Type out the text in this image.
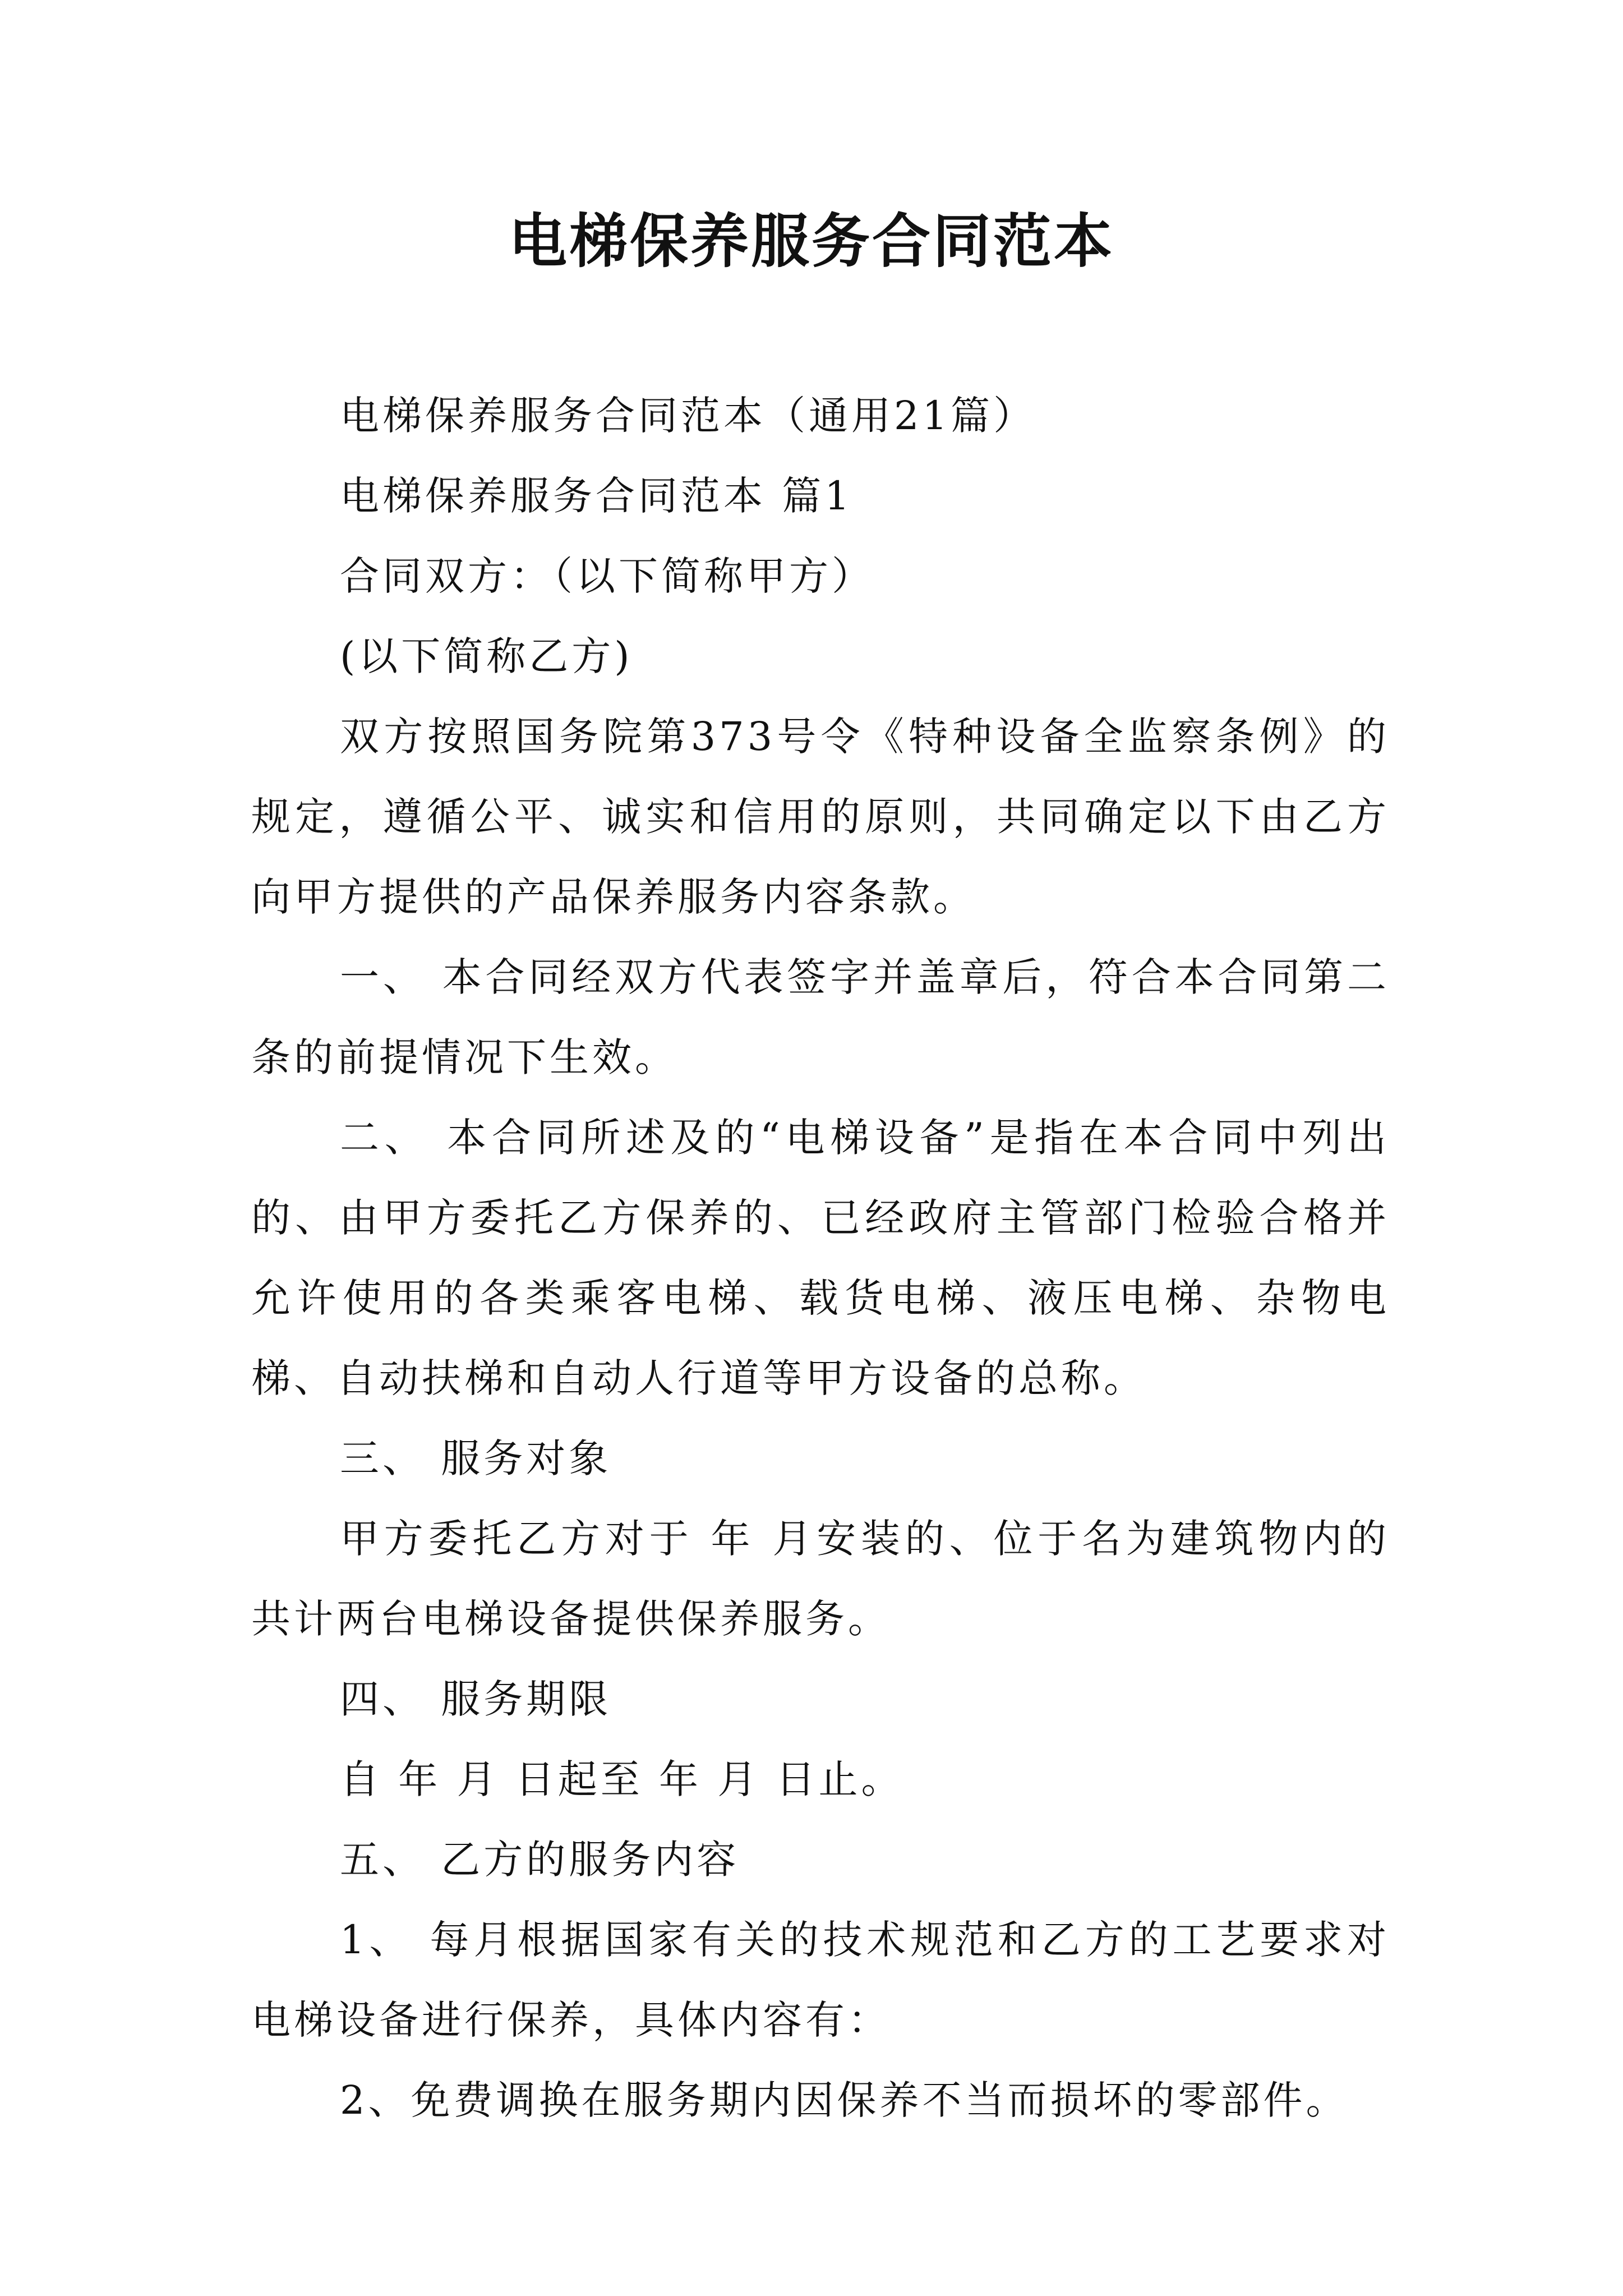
电梯保养服务合同范本

电梯保养服务合同范本（通用21篇）

电梯保养服务合同范本 篇1

合同双方：（以下简称甲方）

(以下简称乙方)

双方按照国务院第373号令《特种设备全监察条例》的规定，遵循公平、诚实和信用的原则，共同确定以下由乙方向甲方提供的产品保养服务内容条款。

一、 本合同经双方代表签字并盖章后，符合本合同第二条的前提情况下生效。

二、 本合同所述及的“电梯设备”是指在本合同中列出的、由甲方委托乙方保养的、已经政府主管部门检验合格并允许使用的各类乘客电梯、载货电梯、液压电梯、杂物电梯、自动扶梯和自动人行道等甲方设备的总称。

三、 服务对象

甲方委托乙方对于 年 月安装的、位于名为建筑物内的共计两台电梯设备提供保养服务。

四、 服务期限

自 年 月 日起至 年 月 日止。

五、 乙方的服务内容

1、 每月根据国家有关的技术规范和乙方的工艺要求对电梯设备进行保养，具体内容有：

2、免费调换在服务期内因保养不当而损坏的零部件。
